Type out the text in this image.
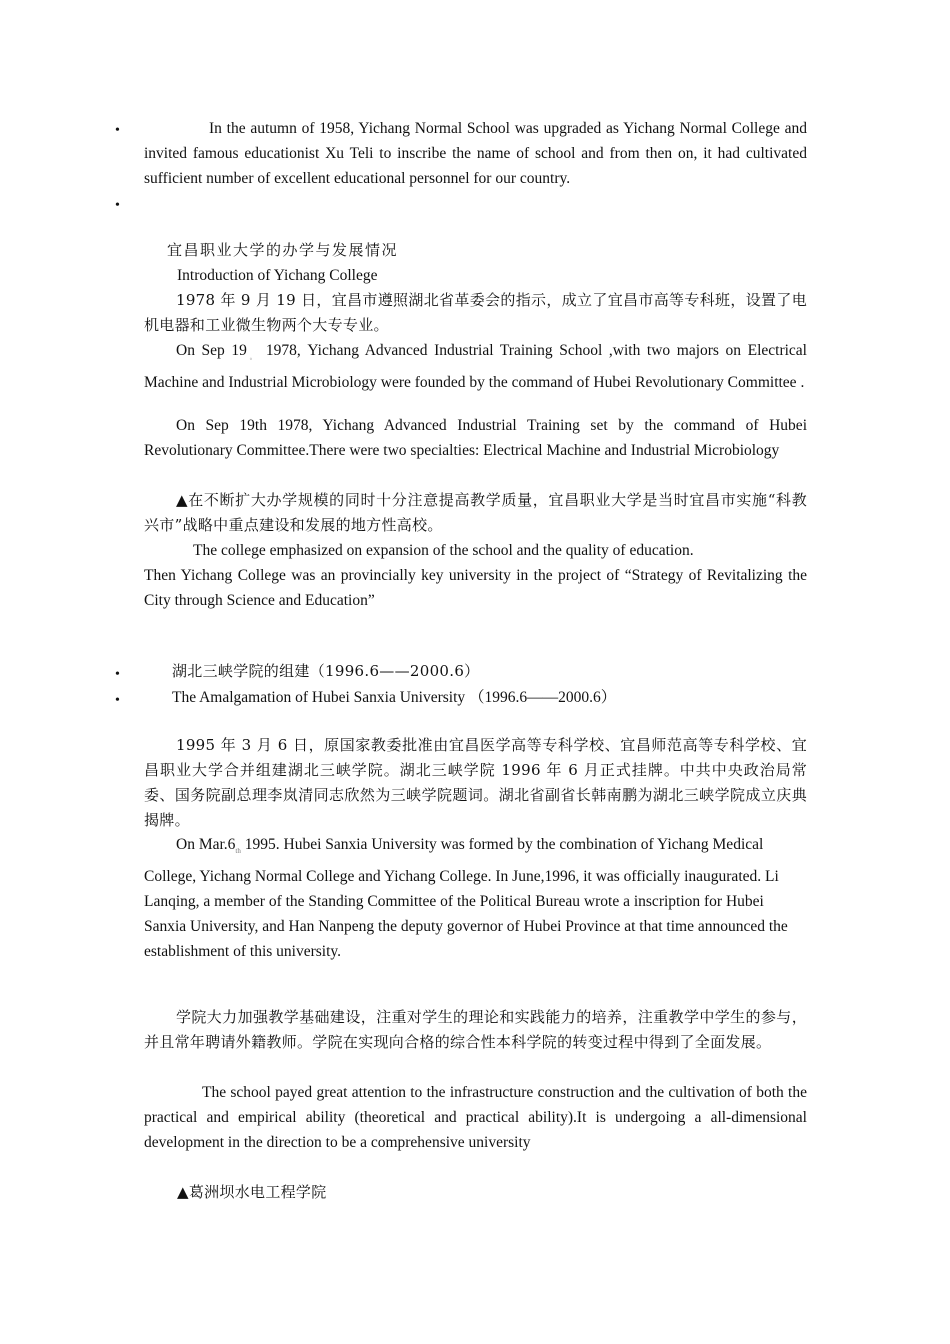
•	In the autumn of 1958, Yichang Normal School was upgraded as Yichang Normal College and invited famous educationist Xu Teli to inscribe the name of school and from then on, it had cultivated sufficient number of excellent educational personnel for our country.

•
宜昌职业大学的办学与发展情况
Introduction of Yichang College

1978 年 9 月 19 日，宜昌市遵照湖北省革委会的指示，成立了宜昌市高等专科班，设置了电机电器和工业微生物两个大专专业。

On Sep $19_。$ 1978, Yichang Advanced Industrial Training School ,with two majors on Electrical Machine and Industrial Microbiology were founded by the command of Hubei Revolutionary Committee .

On Sep 19th 1978, Yichang Advanced Industrial Training set by the command of Hubei Revolutionary Committee.There were two specialties: Electrical Machine and Industrial Microbiology

▲在不断扩大办学规模的同时十分注意提高教学质量，宜昌职业大学是当时宜昌市实施“科教兴市”战略中重点建设和发展的地方性高校。

The college emphasized on expansion of the school and the quality of education.

Then Yichang College was an provincially key university in the project of “Strategy of Revitalizing the City through Science and Education”

•	湖北三峡学院的组建（1996.6——2000.6）
•	The Amalgamation of Hubei Sanxia University （1996.6——2000.6）

1995 年 3 月 6 日，原国家教委批准由宜昌医学高等专科学校、宜昌师范高等专科学校、宜昌职业大学合并组建湖北三峡学院。湖北三峡学院 1996 年 6 月正式挂牌。中共中央政治局常委、国务院副总理李岚清同志欣然为三峡学院题词。湖北省副省长韩南鹏为湖北三峡学院成立庆典揭牌。

On $Mar.6_{th}$ 1995. Hubei Sanxia University was formed by the combination of Yichang Medical College, Yichang Normal College and Yichang College. In June,1996, it was officially inaugurated. Li Lanqing, a member of the Standing Committee of the Political Bureau wrote a inscription for Hubei Sanxia University, and Han Nanpeng the deputy governor of Hubei Province at that time announced the establishment of this university.

学院大力加强教学基础建设，注重对学生的理论和实践能力的培养，注重教学中学生的参与，并且常年聘请外籍教师。学院在实现向合格的综合性本科学院的转变过程中得到了全面发展。

The school payed great attention to the infrastructure construction and the cultivation of both the practical and empirical ability (theoretical and practical ability).It is undergoing a all-dimensional development in the direction to be a comprehensive university

▲葛洲坝水电工程学院
